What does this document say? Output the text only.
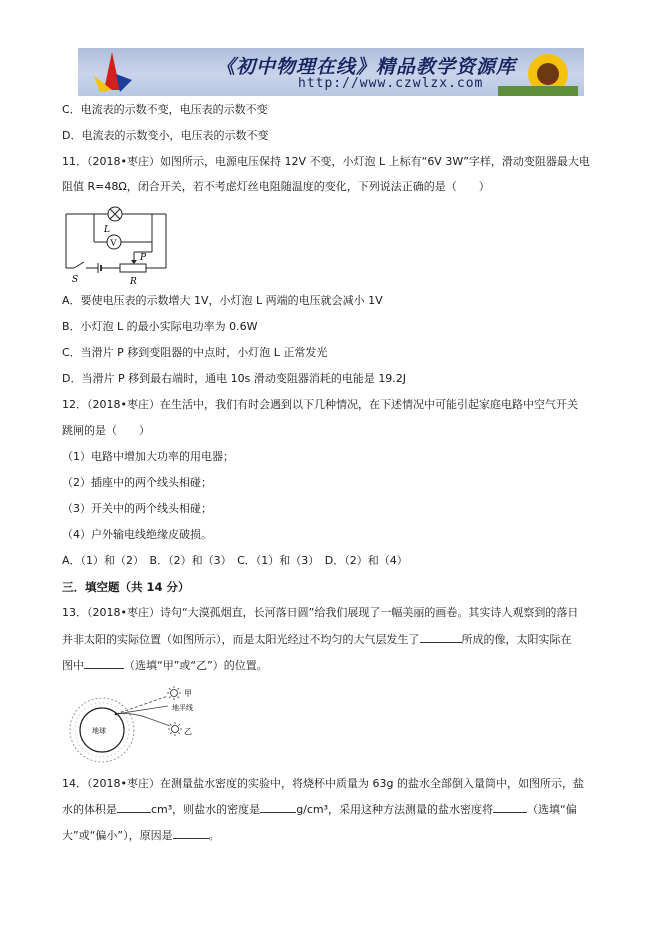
《初中物理在线》精品教学资源库
http://www.czwlzx.com
C．电流表的示数不变，电压表的示数不变
D．电流表的示数变小，电压表的示数不变
11．（2018•枣庄）如图所示，电源电压保持 12V 不变，小灯泡 L 上标有“6V 3W”字样，滑动变阻器最大电
阻值 R=48Ω，闭合开关，若不考虑灯丝电阻随温度的变化，下列说法正确的是（　　）
L
V
P
S	R
A．要使电压表的示数增大 1V，小灯泡 L 两端的电压就会减小 1V
B．小灯泡 L 的最小实际电功率为 0.6W
C．当滑片 P 移到变阻器的中点时，小灯泡 L 正常发光
D．当滑片 P 移到最右端时，通电 10s 滑动变阻器消耗的电能是 19.2J
12．（2018•枣庄）在生活中，我们有时会遇到以下几种情况，在下述情况中可能引起家庭电路中空气开关
跳闸的是（　　）
（1）电路中增加大功率的用电器；
（2）插座中的两个线头相碰；
（3）开关中的两个线头相碰；
（4）户外输电线绝缘皮破损。
A．（1）和（2）　B．（2）和（3）　C．（1）和（3）　D．（2）和（4）
三．填空题（共 14 分）
13．（2018•枣庄）诗句“大漠孤烟直，长河落日圆”给我们展现了一幅美丽的画卷。其实诗人观察到的落日
并非太阳的实际位置（如图所示），而是太阳光经过不均匀的大气层发生了	所成的像，太阳实际在
图中	（选填“甲”或“乙”）的位置。
地球
甲
地平线
乙
14．（2018•枣庄）在测量盐水密度的实验中，将烧杯中质量为 63g 的盐水全部倒入量筒中，如图所示，盐
水的体积是	cm³，则盐水的密度是	g/cm³，采用这种方法测量的盐水密度将	（选填“偏
大”或“偏小”），原因是	。
